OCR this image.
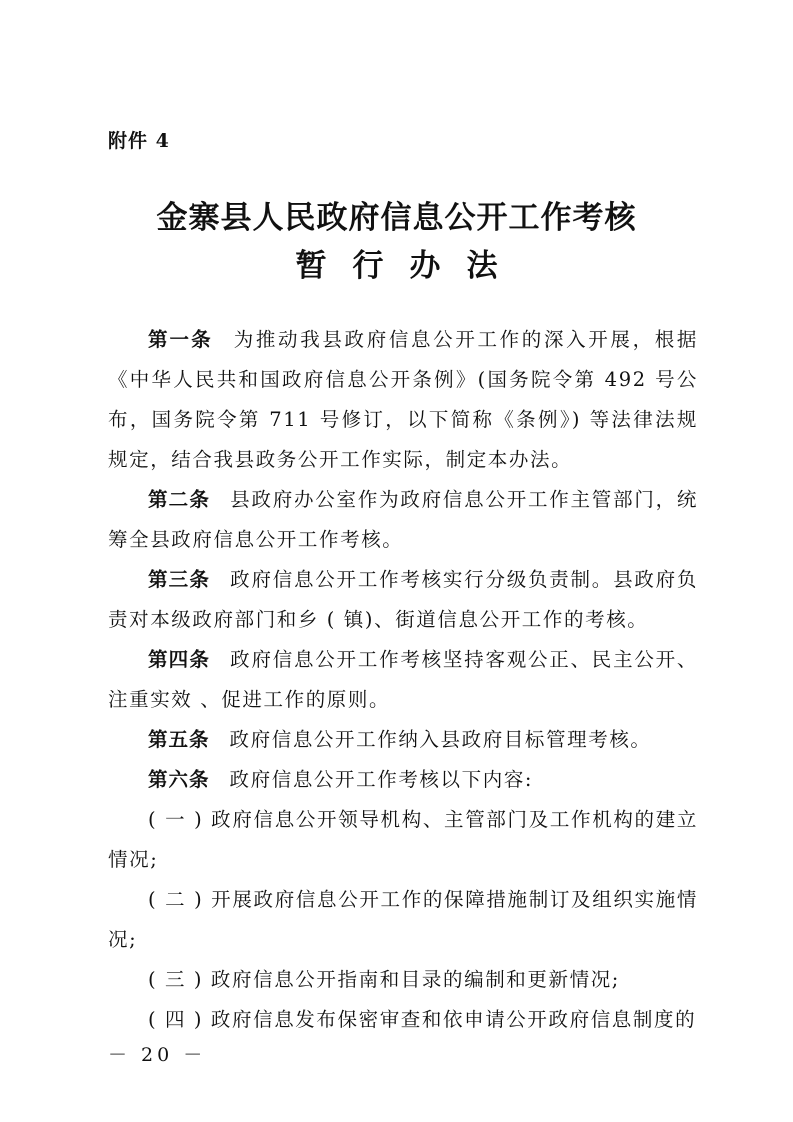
附件 4
金寨县人民政府信息公开工作考核
暂行办法

第一条 为推动我县政府信息公开工作的深入开展，根据《中华人民共和国政府信息公开条例》(国务院令第 492 号公布，国务院令第 711 号修订，以下简称《条例》) 等法律法规规定，结合我县政务公开工作实际，制定本办法。

第二条 县政府办公室作为政府信息公开工作主管部门，统筹全县政府信息公开工作考核。

第三条 政府信息公开工作考核实行分级负责制。县政府负责对本级政府部门和乡 ( 镇)、街道信息公开工作的考核。

第四条 政府信息公开工作考核坚持客观公正、民主公开、注重实效 、促进工作的原则。

第五条 政府信息公开工作纳入县政府目标管理考核。

第六条 政府信息公开工作考核以下内容:

( 一 ) 政府信息公开领导机构、主管部门及工作机构的建立情况;

( 二 ) 开展政府信息公开工作的保障措施制订及组织实施情况;

( 三 ) 政府信息公开指南和目录的编制和更新情况;

( 四 ) 政府信息发布保密审查和依申请公开政府信息制度的

－ 20 －
